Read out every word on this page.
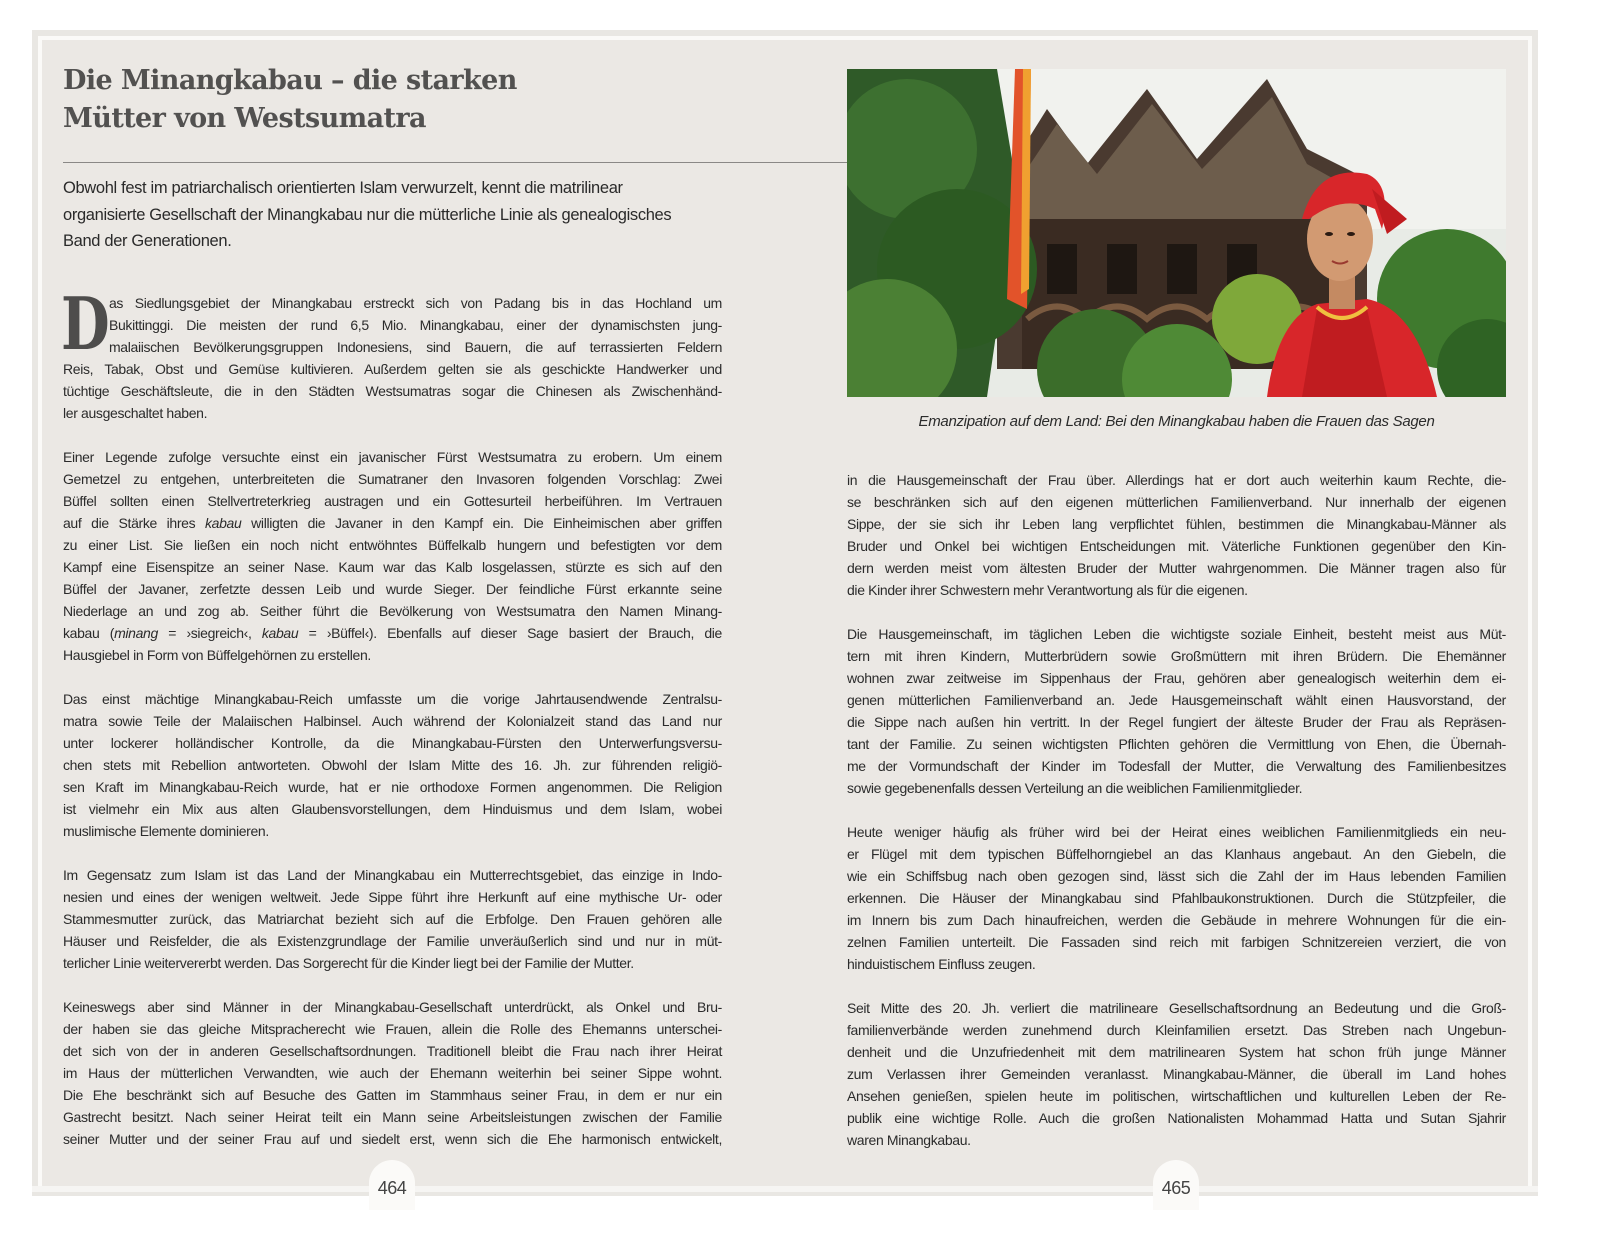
Die Minangkabau – die starken
Mütter von Westsumatra
Obwohl fest im patriarchalisch orientierten Islam verwurzelt, kennt die matrilinear
organisierte Gesellschaft der Minangkabau nur die mütterliche Linie als genealogisches
Band der Generationen.
D as Siedlungsgebiet der Minangkabau erstreckt sich von Padang bis in das Hochland um
Bukittinggi. Die meisten der rund 6,5 Mio. Minangkabau, einer der dynamischsten jung-
malaiischen Bevölkerungsgruppen Indonesiens, sind Bauern, die auf terrassierten Feldern
Reis, Tabak, Obst und Gemüse kultivieren. Außerdem gelten sie als geschickte Handwerker und
tüchtige Geschäftsleute, die in den Städten Westsumatras sogar die Chinesen als Zwischenhänd-
ler ausgeschaltet haben.
Einer Legende zufolge versuchte einst ein javanischer Fürst Westsumatra zu erobern. Um einem
Gemetzel zu entgehen, unterbreiteten die Sumatraner den Invasoren folgenden Vorschlag: Zwei
Büffel sollten einen Stellvertreterkrieg austragen und ein Gottesurteil herbeiführen. Im Vertrauen
auf die Stärke ihres kabau willigten die Javaner in den Kampf ein. Die Einheimischen aber griffen
zu einer List. Sie ließen ein noch nicht entwöhntes Büffelkalb hungern und befestigten vor dem
Kampf eine Eisenspitze an seiner Nase. Kaum war das Kalb losgelassen, stürzte es sich auf den
Büffel der Javaner, zerfetzte dessen Leib und wurde Sieger. Der feindliche Fürst erkannte seine
Niederlage an und zog ab. Seither führt die Bevölkerung von Westsumatra den Namen Minang-
kabau (minang = ›siegreich‹, kabau = ›Büffel‹). Ebenfalls auf dieser Sage basiert der Brauch, die
Hausgiebel in Form von Büffelgehörnen zu erstellen.
Das einst mächtige Minangkabau-Reich umfasste um die vorige Jahrtausendwende Zentralsu-
matra sowie Teile der Malaiischen Halbinsel. Auch während der Kolonialzeit stand das Land nur
unter lockerer holländischer Kontrolle, da die Minangkabau-Fürsten den Unterwerfungsversu-
chen stets mit Rebellion antworteten. Obwohl der Islam Mitte des 16. Jh. zur führenden religiö-
sen Kraft im Minangkabau-Reich wurde, hat er nie orthodoxe Formen angenommen. Die Religion
ist vielmehr ein Mix aus alten Glaubensvorstellungen, dem Hinduismus und dem Islam, wobei
muslimische Elemente dominieren.
Im Gegensatz zum Islam ist das Land der Minangkabau ein Mutterrechtsgebiet, das einzige in Indo-
nesien und eines der wenigen weltweit. Jede Sippe führt ihre Herkunft auf eine mythische Ur- oder
Stammesmutter zurück, das Matriarchat bezieht sich auf die Erbfolge. Den Frauen gehören alle
Häuser und Reisfelder, die als Existenzgrundlage der Familie unveräußerlich sind und nur in müt-
terlicher Linie weitervererbt werden. Das Sorgerecht für die Kinder liegt bei der Familie der Mutter.
Keineswegs aber sind Männer in der Minangkabau-Gesellschaft unterdrückt, als Onkel und Bru-
der haben sie das gleiche Mitspracherecht wie Frauen, allein die Rolle des Ehemanns unterschei-
det sich von der in anderen Gesellschaftsordnungen. Traditionell bleibt die Frau nach ihrer Heirat
im Haus der mütterlichen Verwandten, wie auch der Ehemann weiterhin bei seiner Sippe wohnt.
Die Ehe beschränkt sich auf Besuche des Gatten im Stammhaus seiner Frau, in dem er nur ein
Gastrecht besitzt. Nach seiner Heirat teilt ein Mann seine Arbeitsleistungen zwischen der Familie
seiner Mutter und der seiner Frau auf und siedelt erst, wenn sich die Ehe harmonisch entwickelt,
in die Hausgemeinschaft der Frau über. Allerdings hat er dort auch weiterhin kaum Rechte, die-
se beschränken sich auf den eigenen mütterlichen Familienverband. Nur innerhalb der eigenen
Sippe, der sie sich ihr Leben lang verpflichtet fühlen, bestimmen die Minangkabau-Männer als
Bruder und Onkel bei wichtigen Entscheidungen mit. Väterliche Funktionen gegenüber den Kin-
dern werden meist vom ältesten Bruder der Mutter wahrgenommen. Die Männer tragen also für
die Kinder ihrer Schwestern mehr Verantwortung als für die eigenen.
Die Hausgemeinschaft, im täglichen Leben die wichtigste soziale Einheit, besteht meist aus Müt-
tern mit ihren Kindern, Mutterbrüdern sowie Großmüttern mit ihren Brüdern. Die Ehemänner
wohnen zwar zeitweise im Sippenhaus der Frau, gehören aber genealogisch weiterhin dem ei-
genen mütterlichen Familienverband an. Jede Hausgemeinschaft wählt einen Hausvorstand, der
die Sippe nach außen hin vertritt. In der Regel fungiert der älteste Bruder der Frau als Repräsen-
tant der Familie. Zu seinen wichtigsten Pflichten gehören die Vermittlung von Ehen, die Übernah-
me der Vormundschaft der Kinder im Todesfall der Mutter, die Verwaltung des Familienbesitzes
sowie gegebenenfalls dessen Verteilung an die weiblichen Familienmitglieder.
Heute weniger häufig als früher wird bei der Heirat eines weiblichen Familienmitglieds ein neu-
er Flügel mit dem typischen Büffelhorngiebel an das Klanhaus angebaut. An den Giebeln, die
wie ein Schiffsbug nach oben gezogen sind, lässt sich die Zahl der im Haus lebenden Familien
erkennen. Die Häuser der Minangkabau sind Pfahlbaukonstruktionen. Durch die Stützpfeiler, die
im Innern bis zum Dach hinaufreichen, werden die Gebäude in mehrere Wohnungen für die ein-
zelnen Familien unterteilt. Die Fassaden sind reich mit farbigen Schnitzereien verziert, die von
hinduistischem Einfluss zeugen.
Seit Mitte des 20. Jh. verliert die matrilineare Gesellschaftsordnung an Bedeutung und die Groß-
familienverbände werden zunehmend durch Kleinfamilien ersetzt. Das Streben nach Ungebun-
denheit und die Unzufriedenheit mit dem matrilinearen System hat schon früh junge Männer
zum Verlassen ihrer Gemeinden veranlasst. Minangkabau-Männer, die überall im Land hohes
Ansehen genießen, spielen heute im politischen, wirtschaftlichen und kulturellen Leben der Re-
publik eine wichtige Rolle. Auch die großen Nationalisten Mohammad Hatta und Sutan Sjahrir
waren Minangkabau.
Emanzipation auf dem Land: Bei den Minangkabau haben die Frauen das Sagen
464	465
